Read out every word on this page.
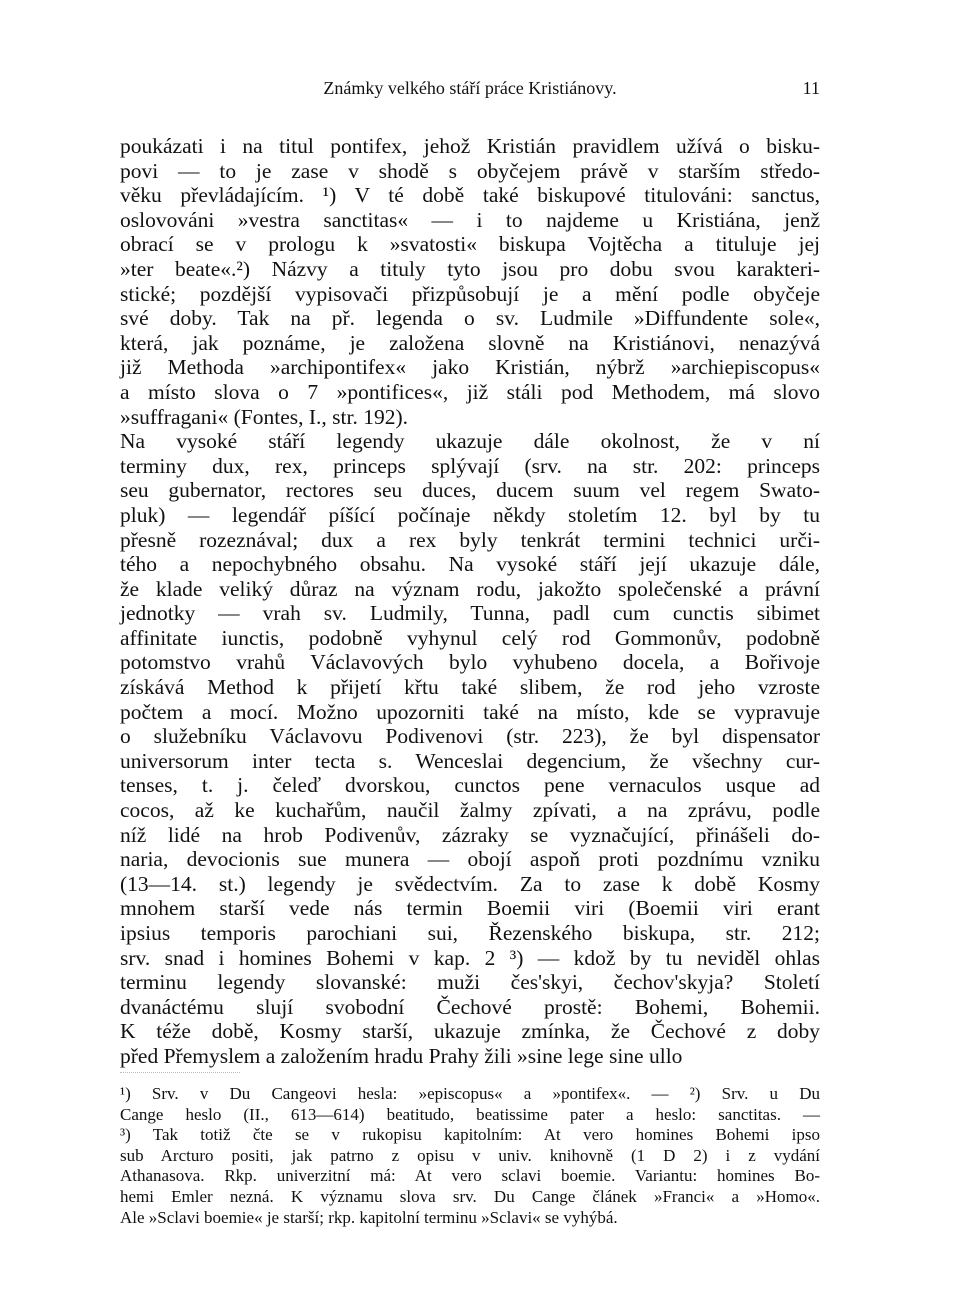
Známky velkého stáří práce Kristiánovy.	11
poukázati i na titul pontifex, jehož Kristián pravidlem užívá o bisku-
povi — to je zase v shodě s obyčejem právě v starším středo-
věku převládajícím. ¹) V té době také biskupové titulováni: sanctus,
oslovováni »vestra sanctitas« — i to najdeme u Kristiána, jenž
obrací se v prologu k »svatosti« biskupa Vojtěcha a tituluje jej
»ter beate«.²) Názvy a tituly tyto jsou pro dobu svou karakteri-
stické; pozdější vypisovači přizpůsobují je a mění podle obyčeje
své doby. Tak na př. legenda o sv. Ludmile »Diffundente sole«,
která, jak poznáme, je založena slovně na Kristiánovi, nenazývá
již Methoda »archipontifex« jako Kristián, nýbrž »archiepiscopus«
a místo slova o 7 »pontifices«, již stáli pod Methodem, má slovo
»suffragani« (Fontes, I., str. 192).
Na vysoké stáří legendy ukazuje dále okolnost, že v ní
terminy dux, rex, princeps splývají (srv. na str. 202: princeps
seu gubernator, rectores seu duces, ducem suum vel regem Swato-
pluk) — legendář píšící počínaje někdy stoletím 12. byl by tu
přesně rozeznával; dux a rex byly tenkrát termini technici urči-
tého a nepochybného obsahu. Na vysoké stáří její ukazuje dále,
že klade veliký důraz na význam rodu, jakožto společenské a právní
jednotky — vrah sv. Ludmily, Tunna, padl cum cunctis sibimet
affinitate iunctis, podobně vyhynul celý rod Gommonův, podobně
potomstvo vrahů Václavových bylo vyhubeno docela, a Bořivoje
získává Method k přijetí křtu také slibem, že rod jeho vzroste
počtem a mocí. Možno upozorniti také na místo, kde se vypravuje
o služebníku Václavovu Podivenovi (str. 223), že byl dispensator
universorum inter tecta s. Wenceslai degencium, že všechny cur-
tenses, t. j. čeleď dvorskou, cunctos pene vernaculos usque ad
cocos, až ke kuchařům, naučil žalmy zpívati, a na zprávu, podle
níž lidé na hrob Podivenův, zázraky se vyznačující, přinášeli do-
naria, devocionis sue munera — obojí aspoň proti pozdnímu vzniku
(13—14. st.) legendy je svědectvím. Za to zase k době Kosmy
mnohem starší vede nás termin Boemii viri (Boemii viri erant
ipsius temporis parochiani sui, Řezenského biskupa, str. 212;
srv. snad i homines Bohemi v kap. 2 ³) — kdož by tu neviděl ohlas
terminu legendy slovanské: muži čes'skyi, čechov'skyja? Století
dvanáctému slují svobodní Čechové prostě: Bohemi, Bohemii.
K téže době, Kosmy starší, ukazuje zmínka, že Čechové z doby
před Přemyslem a založením hradu Prahy žili »sine lege sine ullo
¹) Srv. v Du Cangeovi hesla: »episcopus« a »pontifex«. — ²) Srv. u Du
Cange heslo (II., 613—614) beatitudo, beatissime pater a heslo: sanctitas. —
³) Tak totiž čte se v rukopisu kapitolním: At vero homines Bohemi ipso
sub Arcturo positi, jak patrno z opisu v univ. knihovně (1 D 2) i z vydání
Athanasova. Rkp. univerzitní má: At vero sclavi boemie. Variantu: homines Bo-
hemi Emler nezná. K významu slova srv. Du Cange článek »Franci« a »Homo«.
Ale »Sclavi boemie« je starší; rkp. kapitolní terminu »Sclavi« se vyhýbá.
